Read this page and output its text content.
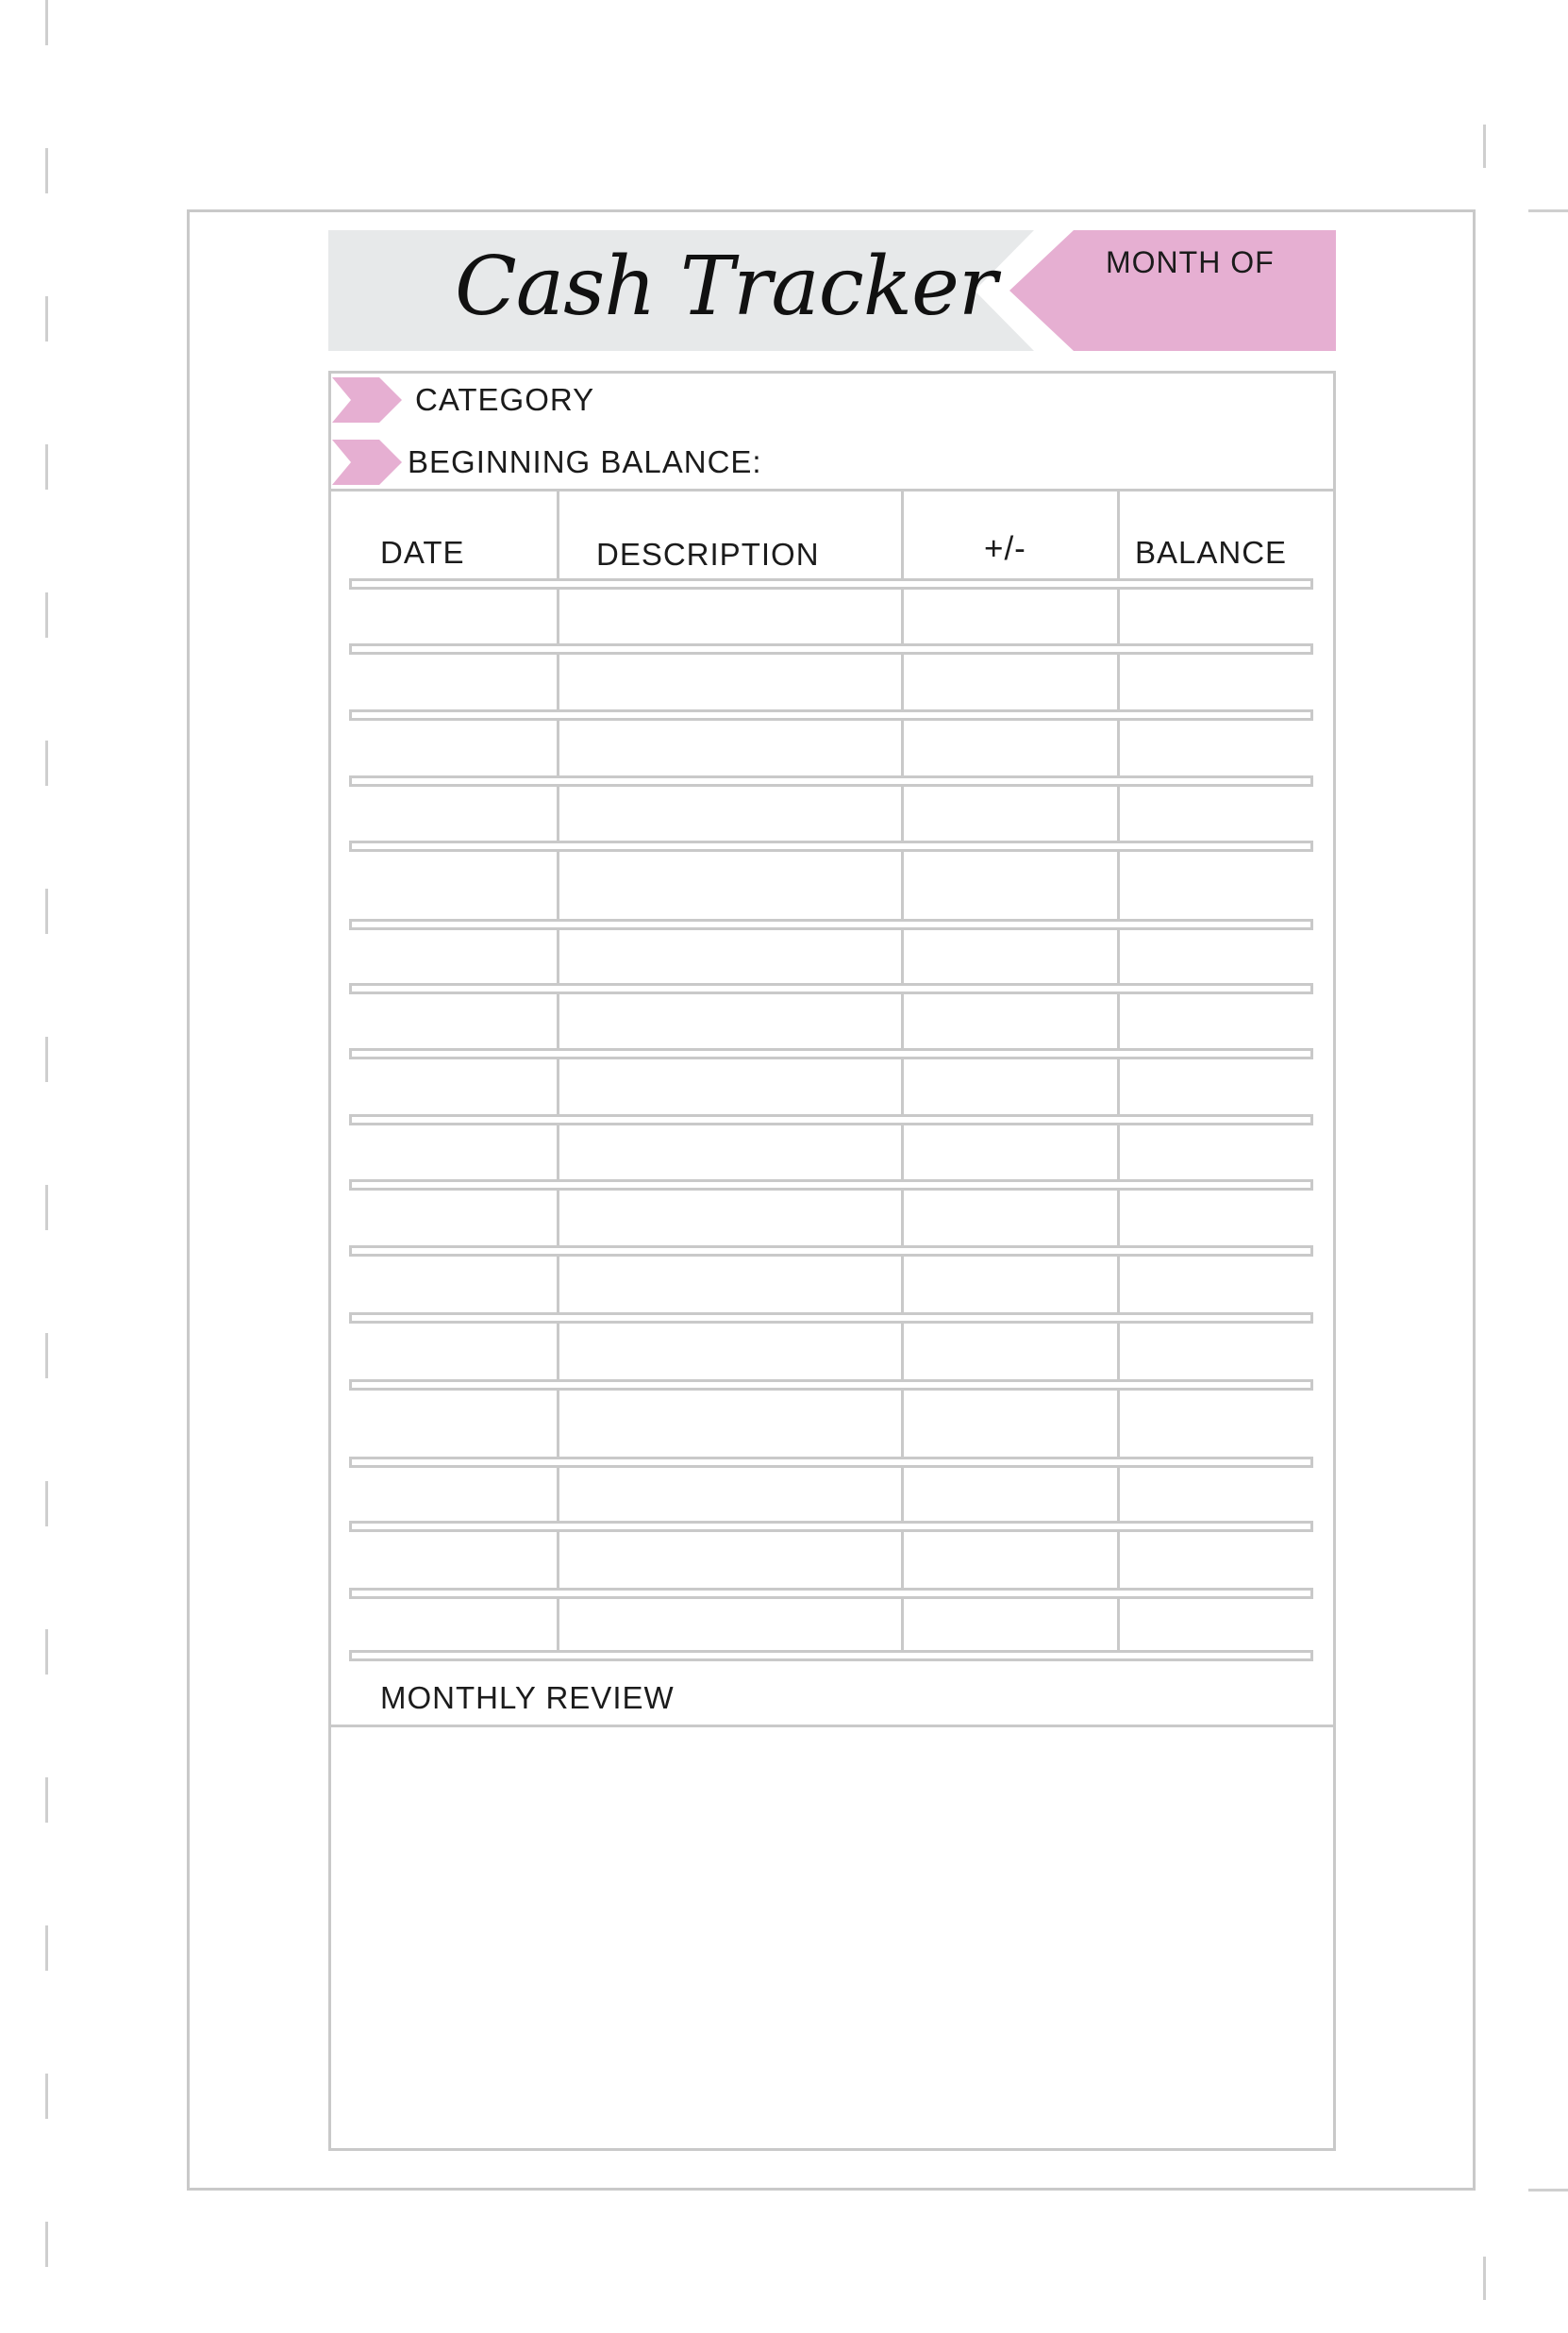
Cash Tracker	MONTH OF
CATEGORY
BEGINNING BALANCE:
DATE	DESCRIPTION	+/-	BALANCE
MONTHLY REVIEW
